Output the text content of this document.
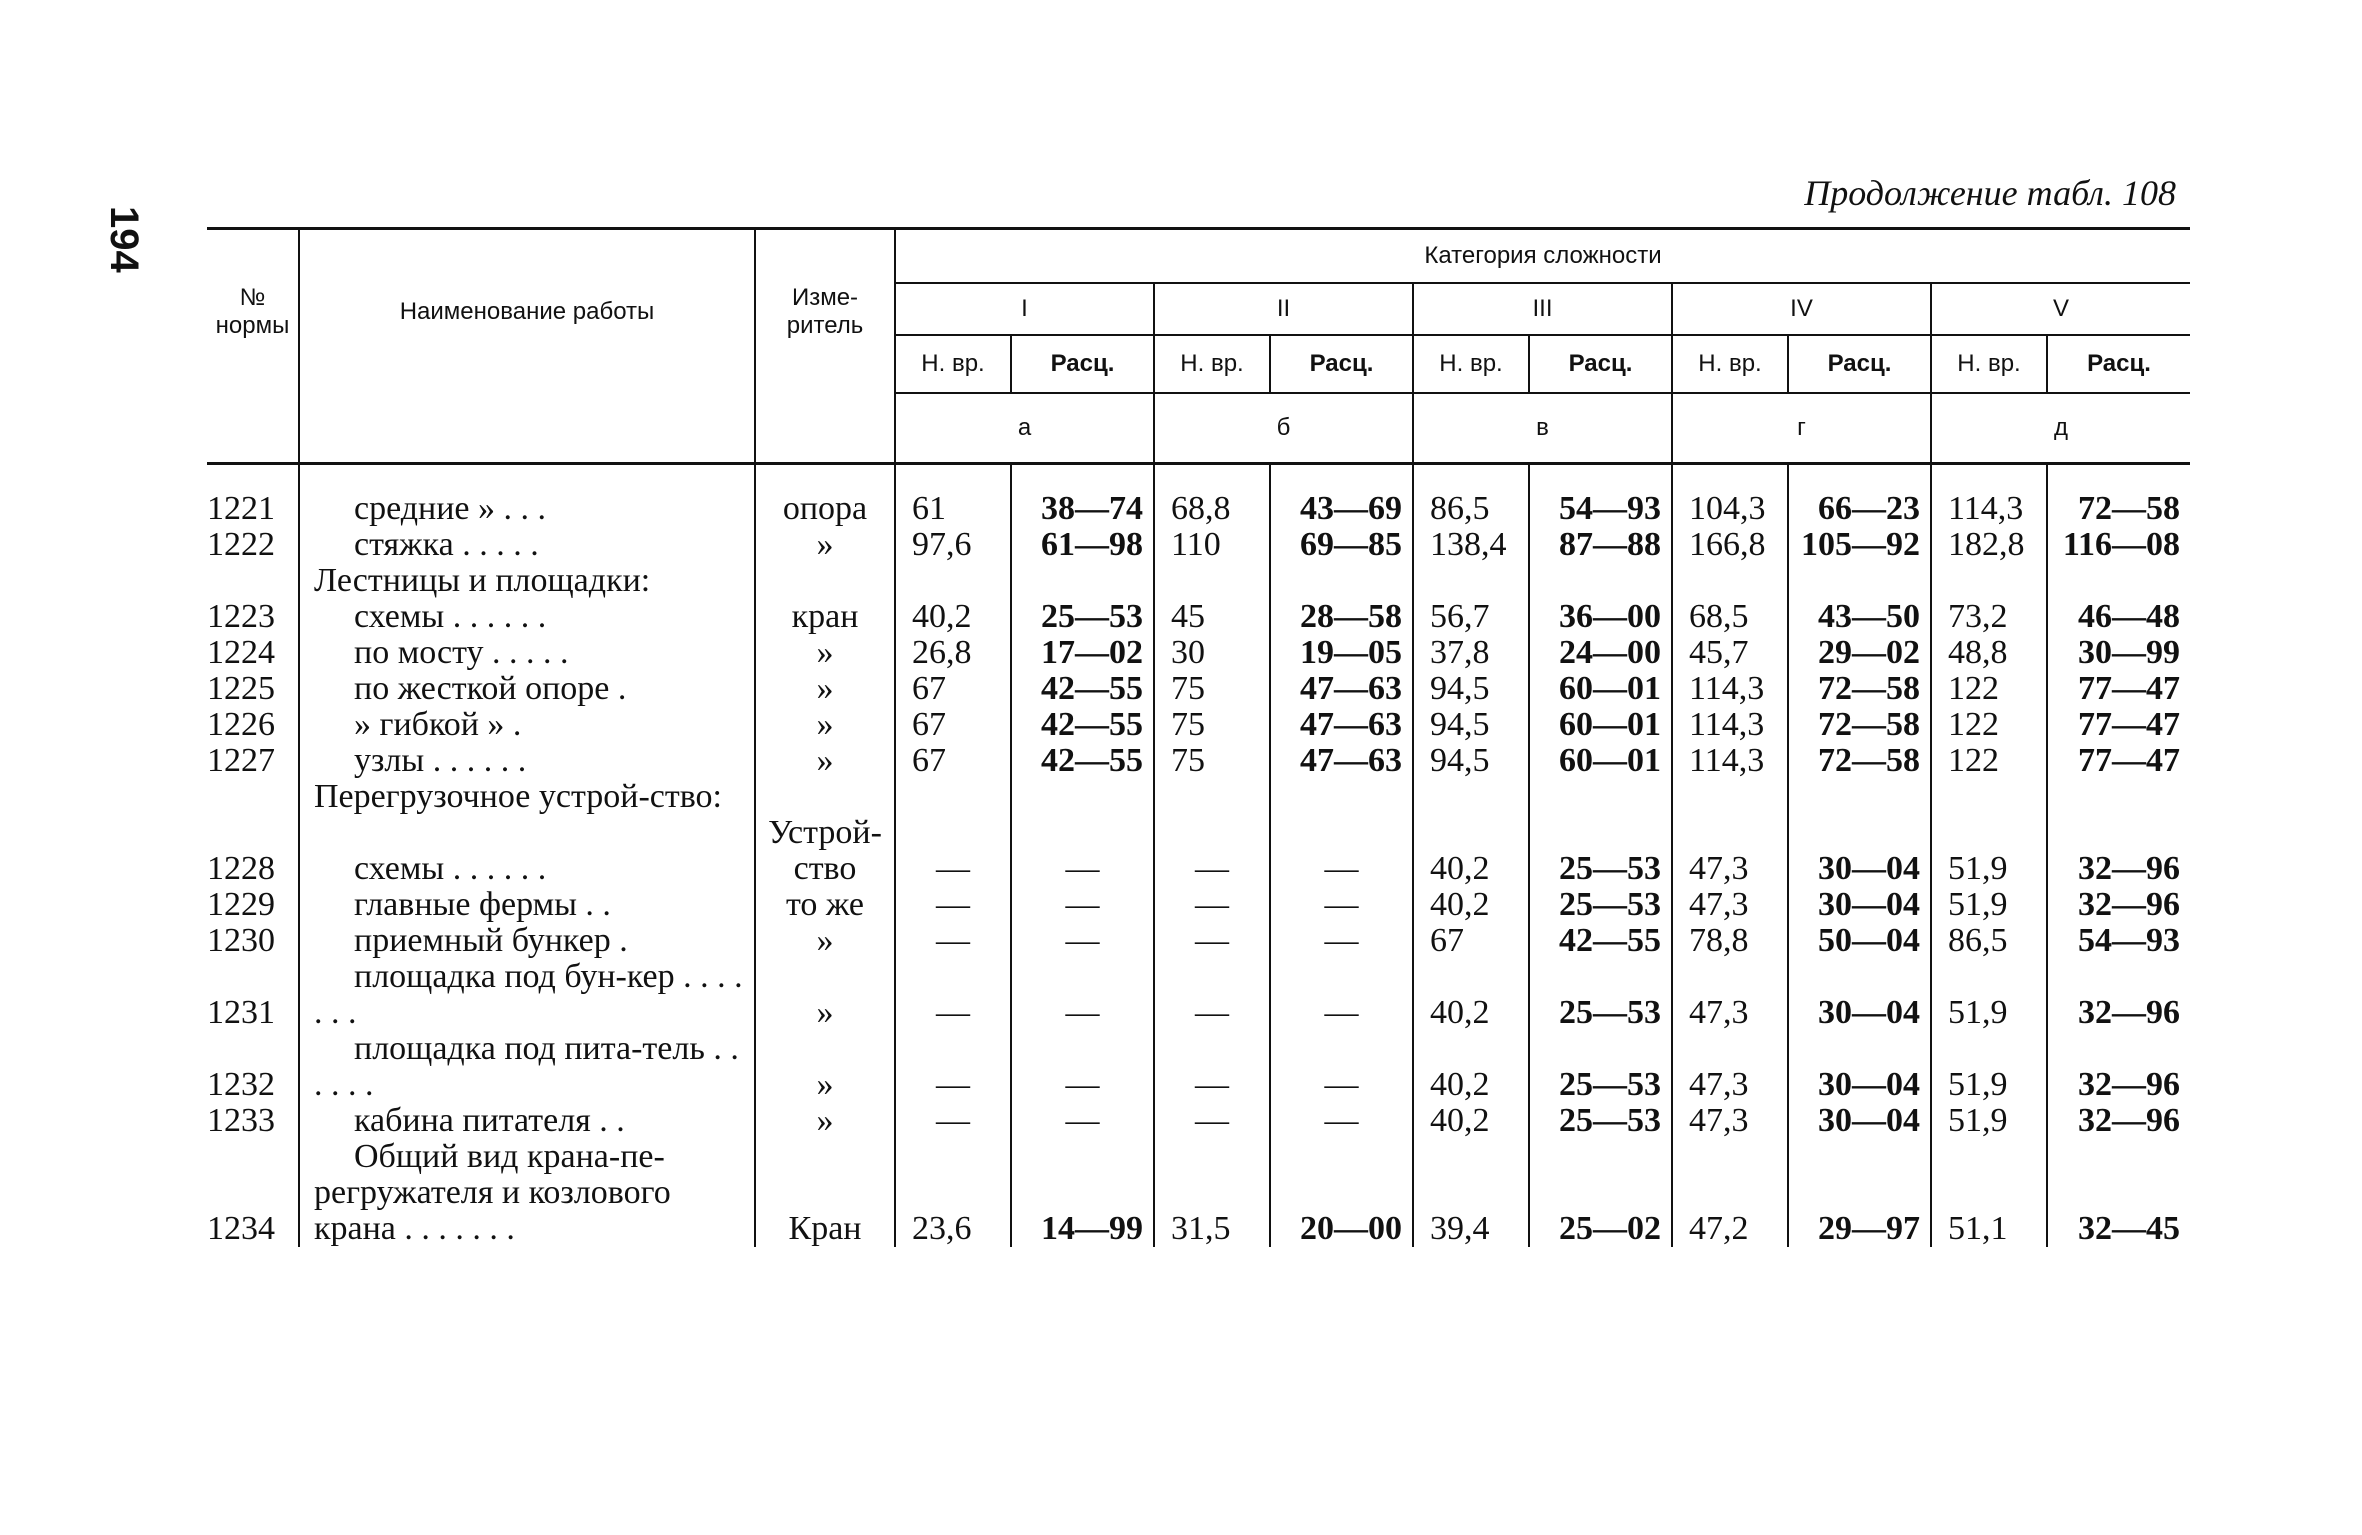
194
Продолжение табл. 108
№ нормы	Наименование работы	Изме-ритель	Категория сложности									
			I		II		III		IV		V	
			Н. вр.	Расц.	Н. вр.	Расц.	Н. вр.	Расц.	Н. вр.	Расц.	Н. вр.	Расц.
			а		б		в		г		д	

1221	средние » . . .	опора	61	38—74	68,8	43—69	86,5	54—93	104,3	66—23	114,3	72—58
1222	стяжка . . . . .	»	97,6	61—98	110	69—85	138,4	87—88	166,8	105—92	182,8	116—08
	Лестницы и площадки:											
1223	схемы . . . . . .	кран	40,2	25—53	45	28—58	56,7	36—00	68,5	43—50	73,2	46—48
1224	по мосту . . . . .	»	26,8	17—02	30	19—05	37,8	24—00	45,7	29—02	48,8	30—99
1225	по жесткой опоре .	»	67	42—55	75	47—63	94,5	60—01	114,3	72—58	122	77—47
1226	» гибкой » .	»	67	42—55	75	47—63	94,5	60—01	114,3	72—58	122	77—47
1227	узлы . . . . . .	»	67	42—55	75	47—63	94,5	60—01	114,3	72—58	122	77—47
	Перегрузочное устрой-ство:											
1228	схемы . . . . . .	Устрой-ство	—	—	—	—	40,2	25—53	47,3	30—04	51,9	32—96
1229	главные фермы . .	то же	—	—	—	—	40,2	25—53	47,3	30—04	51,9	32—96
1230	приемный бункер .	»	—	—	—	—	67	42—55	78,8	50—04	86,5	54—93
1231	площадка под бун-кер . . . . . . .	»	—	—	—	—	40,2	25—53	47,3	30—04	51,9	32—96
1232	площадка под пита-тель . . . . . .	»	—	—	—	—	40,2	25—53	47,3	30—04	51,9	32—96
1233	кабина питателя . .	»	—	—	—	—	40,2	25—53	47,3	30—04	51,9	32—96
1234	Общий вид крана-пе-регружателя и козлового крана . . . . . . .	Кран	23,6	14—99	31,5	20—00	39,4	25—02	47,2	29—97	51,1	32—45
